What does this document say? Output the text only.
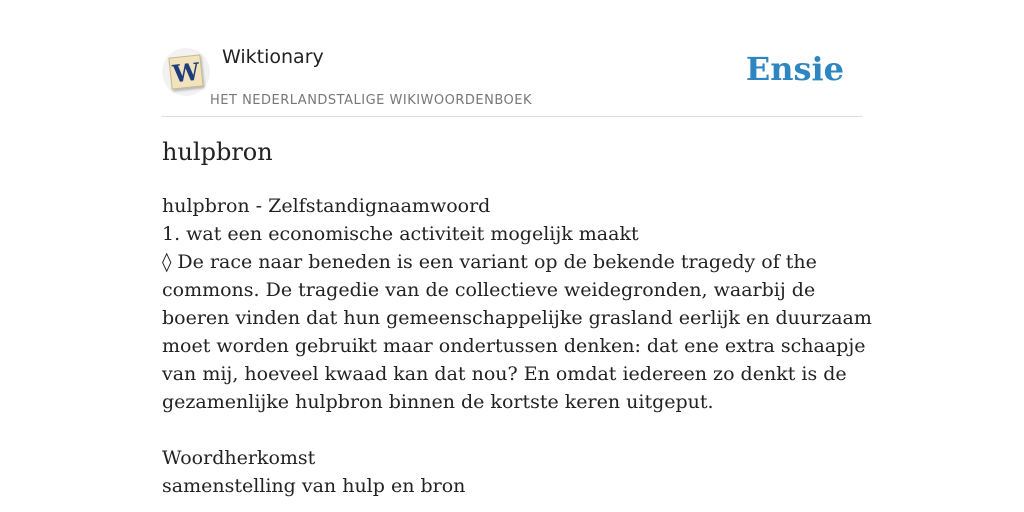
W Wiktionary
HET NEDERLANDSTALIGE WIKIWOORDENBOEK
Ensie
hulpbron

hulpbron - Zelfstandignaamwoord

1. wat een economische activiteit mogelijk maakt

◊ De race naar beneden is een variant op de bekende tragedy of the commons. De tragedie van de collectieve weidegronden, waarbij de boeren vinden dat hun gemeenschappelijke grasland eerlijk en duurzaam moet worden gebruikt maar ondertussen denken: dat ene extra schaapje van mij, hoeveel kwaad kan dat nou? En omdat iedereen zo denkt is de gezamenlijke hulpbron binnen de kortste keren uitgeput.

Woordherkomst

samenstelling van hulp en bron
